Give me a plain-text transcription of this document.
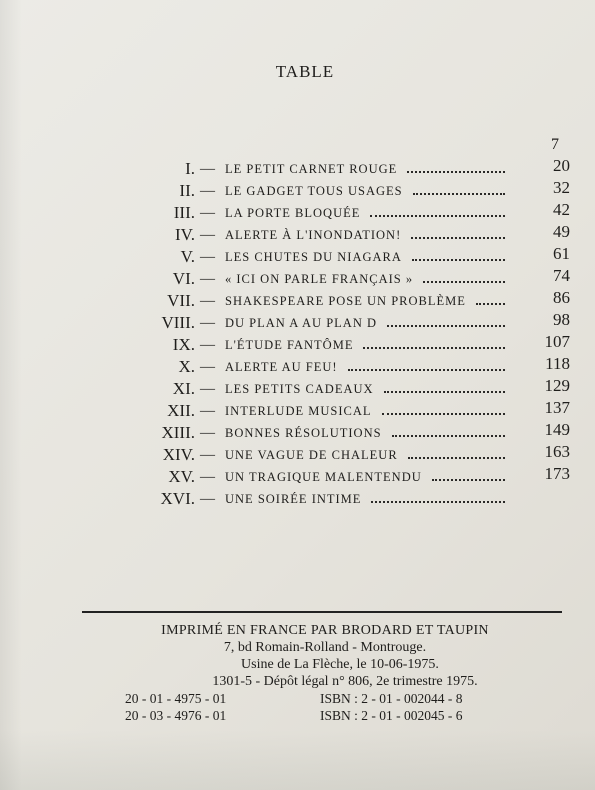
TABLE
7
I. — LE PETIT CARNET ROUGE	20
II. — LE GADGET TOUS USAGES	32
III. — LA PORTE BLOQUÉE	42
IV. — ALERTE À L'INONDATION!	49
V. — LES CHUTES DU NIAGARA	61
VI. — « ICI ON PARLE FRANÇAIS »	74
VII. — SHAKESPEARE POSE UN PROBLÈME	86
VIII. — DU PLAN A AU PLAN D	98
IX. — L'ÉTUDE FANTÔME	107
X. — ALERTE AU FEU!	118
XI. — LES PETITS CADEAUX	129
XII. — INTERLUDE MUSICAL	137
XIII. — BONNES RÉSOLUTIONS	149
XIV. — UNE VAGUE DE CHALEUR	163
XV. — UN TRAGIQUE MALENTENDU	173
XVI. — UNE SOIRÉE INTIME
IMPRIMÉ EN FRANCE PAR BRODARD ET TAUPIN
7, bd Romain-Rolland - Montrouge.
Usine de La Flèche, le 10-06-1975.
1301-5 - Dépôt légal n° 806, 2e trimestre 1975.
20 - 01 - 4975 - 01	ISBN : 2 - 01 - 002044 - 8
20 - 03 - 4976 - 01	ISBN : 2 - 01 - 002045 - 6
